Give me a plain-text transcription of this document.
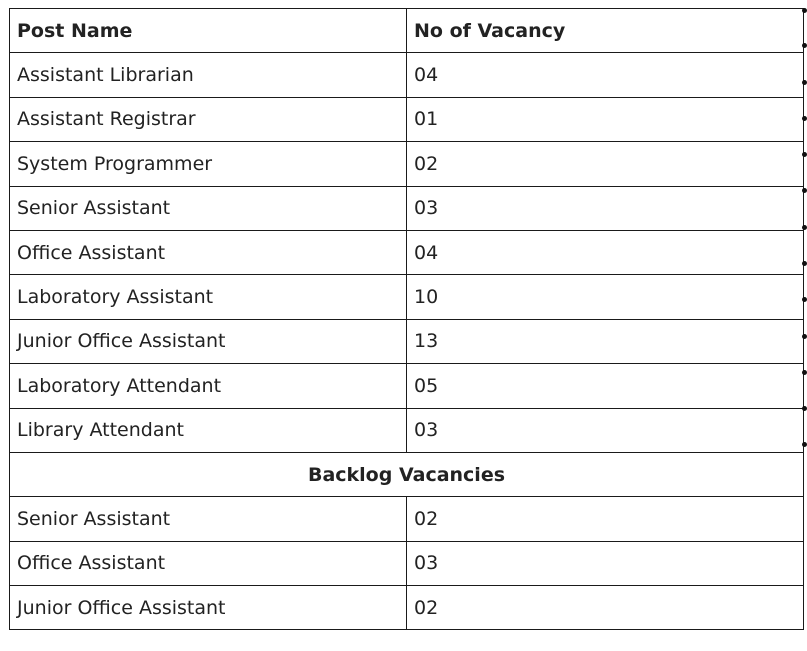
Post Name	No of Vacancy
Assistant Librarian	04
Assistant Registrar	01
System Programmer	02
Senior Assistant	03
Office Assistant	04
Laboratory Assistant	10
Junior Office Assistant	13
Laboratory Attendant	05
Library Attendant	03
Backlog Vacancies	
Senior Assistant	02
Office Assistant	03
Junior Office Assistant	02
